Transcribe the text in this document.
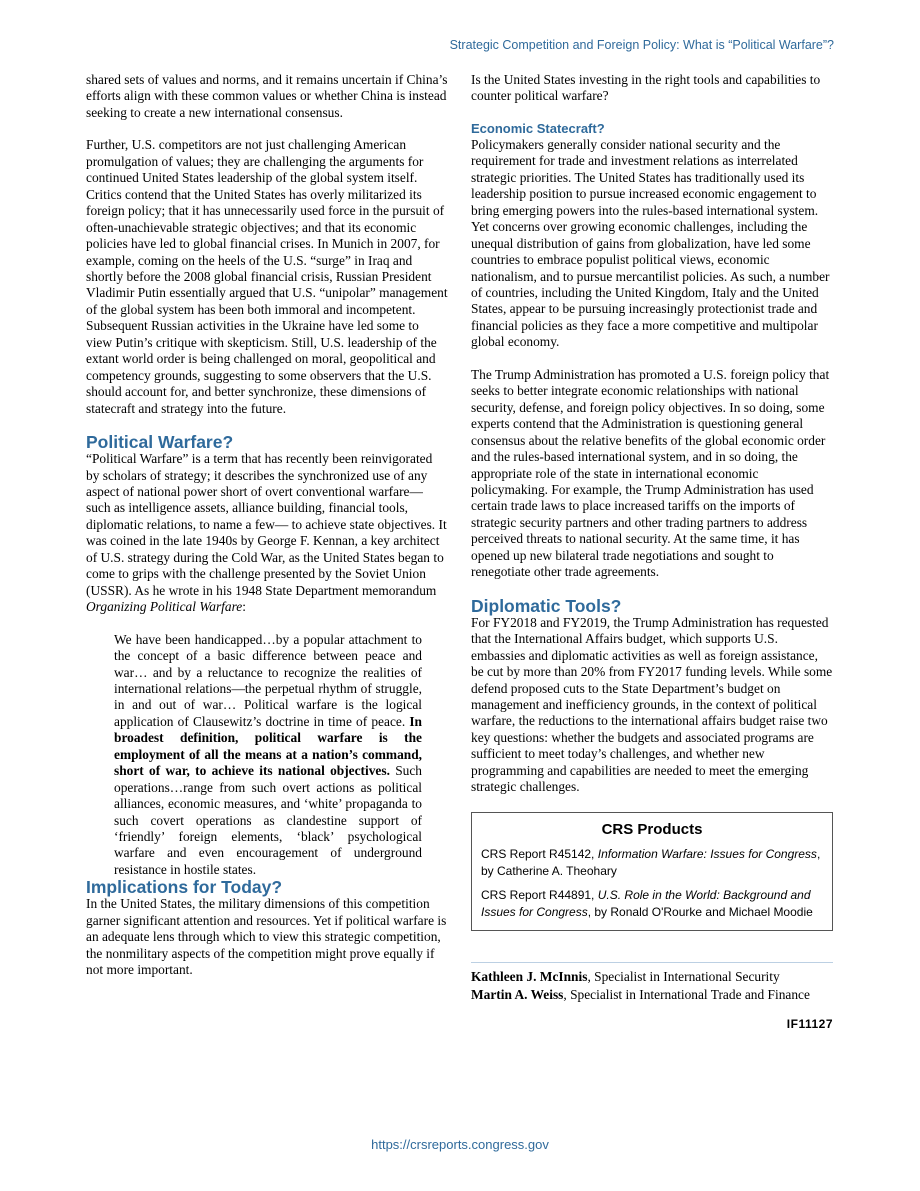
Strategic Competition and Foreign Policy: What is “Political Warfare”?

shared sets of values and norms, and it remains uncertain if China’s efforts align with these common values or whether China is instead seeking to create a new international consensus.

Further, U.S. competitors are not just challenging American promulgation of values; they are challenging the arguments for continued United States leadership of the global system itself. Critics contend that the United States has overly militarized its foreign policy; that it has unnecessarily used force in the pursuit of often-unachievable strategic objectives; and that its economic policies have led to global financial crises. In Munich in 2007, for example, coming on the heels of the U.S. “surge” in Iraq and shortly before the 2008 global financial crisis, Russian President Vladimir Putin essentially argued that U.S. “unipolar” management of the global system has been both immoral and incompetent. Subsequent Russian activities in the Ukraine have led some to view Putin’s critique with skepticism. Still, U.S. leadership of the extant world order is being challenged on moral, geopolitical and competency grounds, suggesting to some observers that the U.S. should account for, and better synchronize, these dimensions of statecraft and strategy into the future.

Political Warfare?

“Political Warfare” is a term that has recently been reinvigorated by scholars of strategy; it describes the synchronized use of any aspect of national power short of overt conventional warfare— such as intelligence assets, alliance building, financial tools, diplomatic relations, to name a few— to achieve state objectives. It was coined in the late 1940s by George F. Kennan, a key architect of U.S. strategy during the Cold War, as the United States began to come to grips with the challenge presented by the Soviet Union (USSR). As he wrote in his 1948 State Department memorandum Organizing Political Warfare:

We have been handicapped…by a popular attachment to the concept of a basic difference between peace and war… and by a reluctance to recognize the realities of international relations—the perpetual rhythm of struggle, in and out of war… Political warfare is the logical application of Clausewitz’s doctrine in time of peace. In broadest definition, political warfare is the employment of all the means at a nation’s command, short of war, to achieve its national objectives. Such operations…range from such overt actions as political alliances, economic measures, and ‘white’ propaganda to such covert operations as clandestine support of ‘friendly’ foreign elements, ‘black’ psychological warfare and even encouragement of underground resistance in hostile states.

Implications for Today?

In the United States, the military dimensions of this competition garner significant attention and resources. Yet if political warfare is an adequate lens through which to view this strategic competition, the nonmilitary aspects of the competition might prove equally if not more important.

Is the United States investing in the right tools and capabilities to counter political warfare?

Economic Statecraft?

Policymakers generally consider national security and the requirement for trade and investment relations as interrelated strategic priorities. The United States has traditionally used its leadership position to pursue increased economic engagement to bring emerging powers into the rules-based international system. Yet concerns over growing economic challenges, including the unequal distribution of gains from globalization, have led some countries to embrace populist political views, economic nationalism, and to pursue mercantilist policies. As such, a number of countries, including the United Kingdom, Italy and the United States, appear to be pursuing increasingly protectionist trade and financial policies as they face a more competitive and multipolar global economy.

The Trump Administration has promoted a U.S. foreign policy that seeks to better integrate economic relationships with national security, defense, and foreign policy objectives. In so doing, some experts contend that the Administration is questioning general consensus about the relative benefits of the global economic order and the rules-based international system, and in so doing, the appropriate role of the state in international economic policymaking. For example, the Trump Administration has used certain trade laws to place increased tariffs on the imports of strategic security partners and other trading partners to address perceived threats to national security. At the same time, it has opened up new bilateral trade negotiations and sought to renegotiate other trade agreements.

Diplomatic Tools?

For FY2018 and FY2019, the Trump Administration has requested that the International Affairs budget, which supports U.S. embassies and diplomatic activities as well as foreign assistance, be cut by more than 20% from FY2017 funding levels. While some defend proposed cuts to the State Department’s budget on management and inefficiency grounds, in the context of political warfare, the reductions to the international affairs budget raise two key questions: whether the budgets and associated programs are sufficient to meet today’s challenges, and whether new programming and capabilities are needed to meet the emerging strategic challenges.

CRS Products
CRS Report R45142, Information Warfare: Issues for Congress, by Catherine A. Theohary
CRS Report R44891, U.S. Role in the World: Background and Issues for Congress, by Ronald O'Rourke and Michael Moodie
Kathleen J. McInnis, Specialist in International Security
Martin A. Weiss, Specialist in International Trade and Finance
IF11127
https://crsreports.congress.gov
